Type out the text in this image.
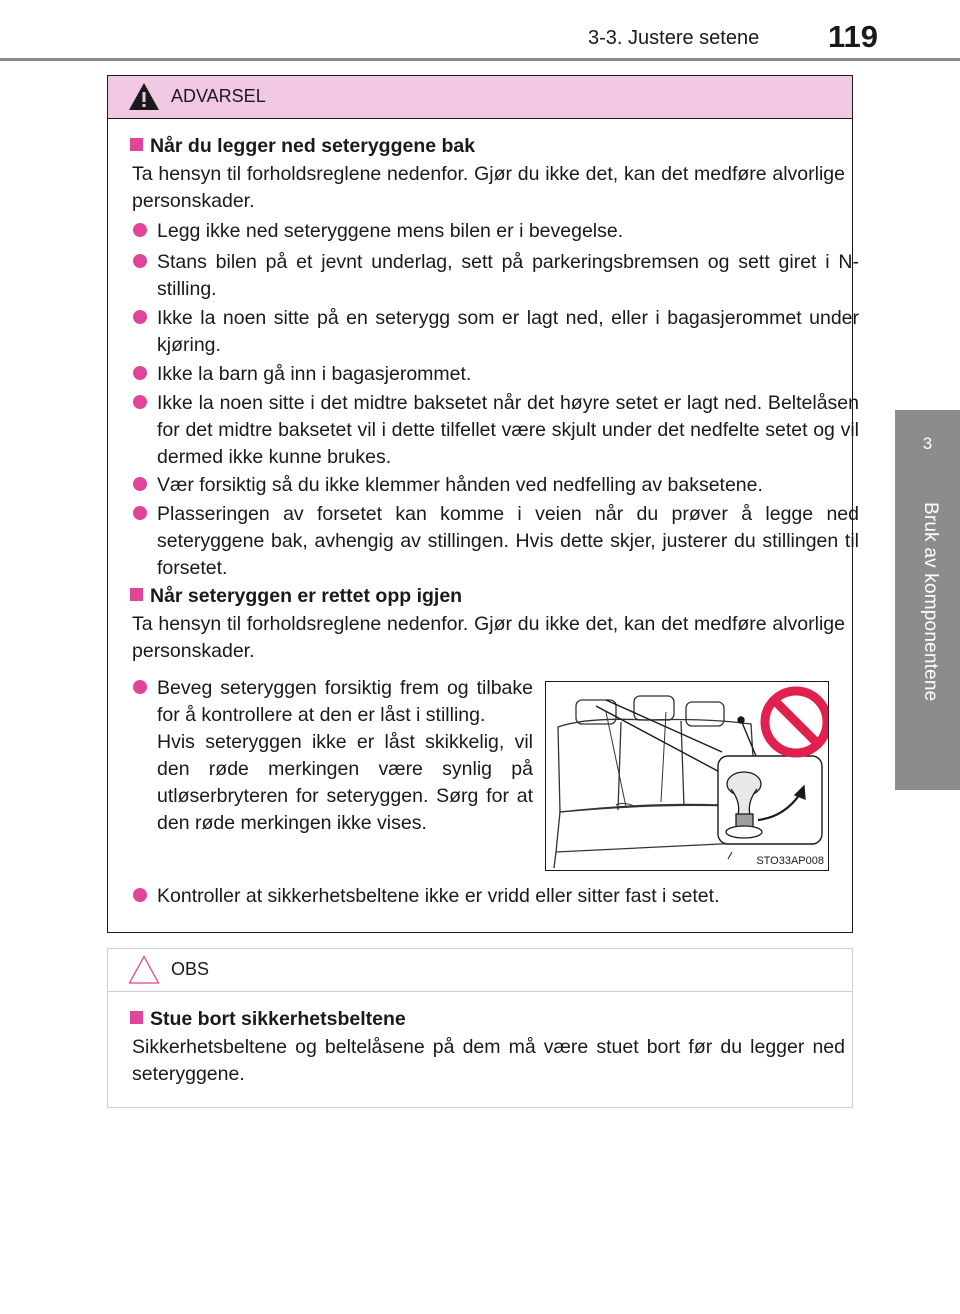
3-3. Justere setene 119
3
Bruk av komponentene
ADVARSEL
Når du legger ned seteryggene bak
Ta hensyn til forholdsreglene nedenfor. Gjør du ikke det, kan det medføre alvorlige personskader.
Legg ikke ned seteryggene mens bilen er i bevegelse.
Stans bilen på et jevnt underlag, sett på parkeringsbremsen og sett giret i N-stilling.
Ikke la noen sitte på en seterygg som er lagt ned, eller i bagasjerommet under kjøring.
Ikke la barn gå inn i bagasjerommet.
Ikke la noen sitte i det midtre baksetet når det høyre setet er lagt ned. Beltelåsen for det midtre baksetet vil i dette tilfellet være skjult under det nedfelte setet og vil dermed ikke kunne brukes.
Vær forsiktig så du ikke klemmer hånden ved nedfelling av baksetene.
Plasseringen av forsetet kan komme i veien når du prøver å legge ned seteryggene bak, avhengig av stillingen. Hvis dette skjer, justerer du stillingen til forsetet.
Når seteryggen er rettet opp igjen
Ta hensyn til forholdsreglene nedenfor. Gjør du ikke det, kan det medføre alvorlige personskader.
Beveg seteryggen forsiktig frem og tilbake for å kontrollere at den er låst i stilling.
Hvis seteryggen ikke er låst skikkelig, vil den røde merkingen være synlig på utløserbryteren for seteryggen. Sørg for at den røde merkingen ikke vises.
STO33AP008
Kontroller at sikkerhetsbeltene ikke er vridd eller sitter fast i setet.
OBS
Stue bort sikkerhetsbeltene
Sikkerhetsbeltene og beltelåsene på dem må være stuet bort før du legger ned seteryggene.
